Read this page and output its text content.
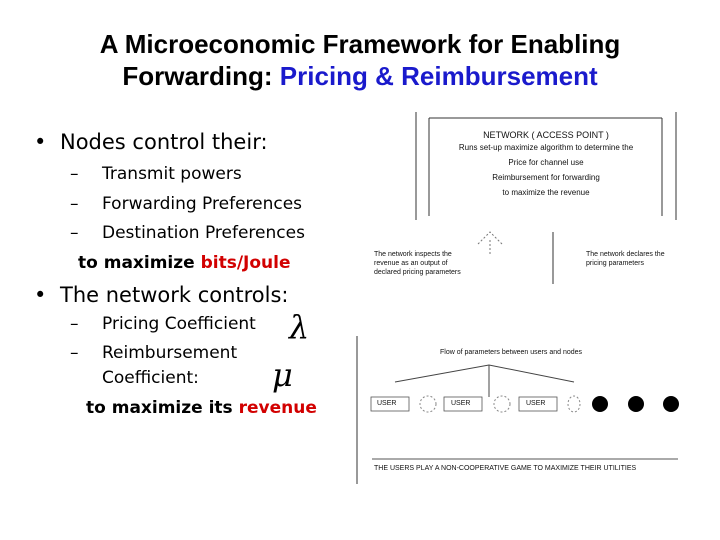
A Microeconomic Framework for Enabling
Forwarding: Pricing & Reimbursement
• Nodes control their:
– Transmit powers
– Forwarding Preferences
– Destination Preferences
to maximize bits/Joule
• The network controls:
– Pricing Coefficient
– Reimbursement
Coefficient:
to maximize its revenue
λ
μ
NETWORK ( ACCESS POINT )
Runs set-up maximize algorithm to determine the
Price for channel use
Reimbursement for forwarding
to maximize the revenue
The network inspects the revenue as an output of declared pricing parameters
The network declares the pricing parameters
Flow of parameters between users and nodes
USER	USER	USER
THE USERS PLAY A NON-COOPERATIVE GAME TO MAXIMIZE THEIR UTILITIES
